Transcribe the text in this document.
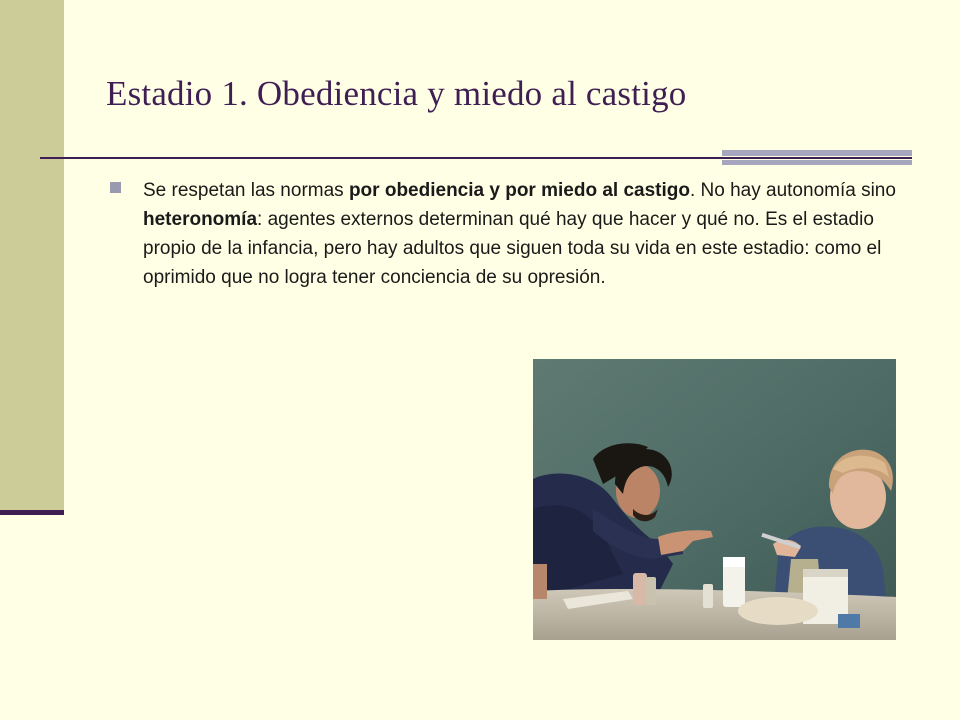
Estadio 1. Obediencia y miedo al castigo

Se respetan las normas por obediencia y por miedo al castigo. No hay autonomía sino heteronomía: agentes externos determinan qué hay que hacer y qué no. Es el estadio propio de la infancia, pero hay adultos que siguen toda su vida en este estadio: como el oprimido que no logra tener conciencia de su opresión.
